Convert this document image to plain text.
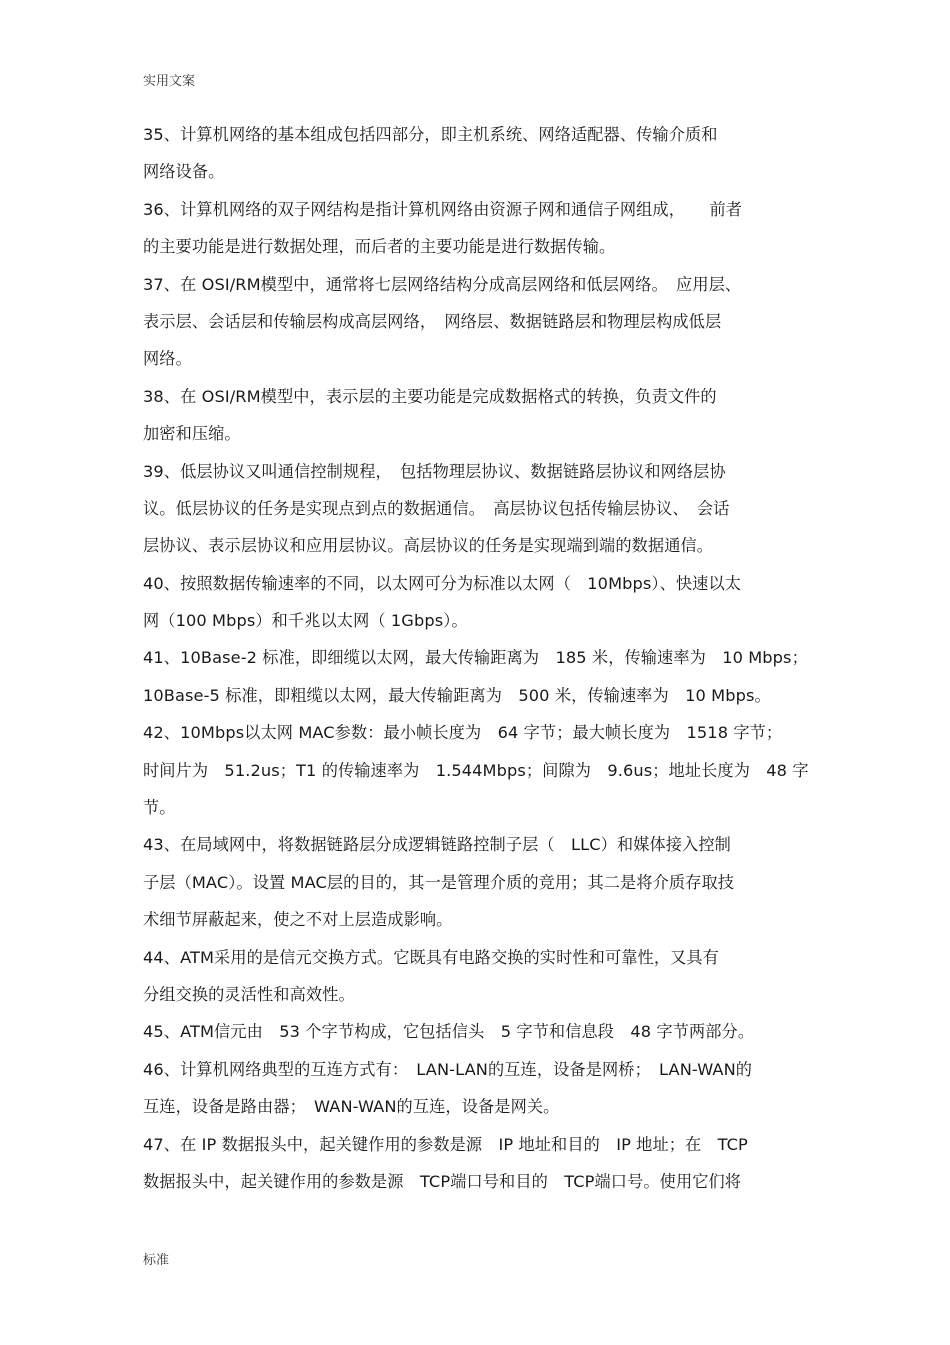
实用文案
35、计算机网络的基本组成包括四部分，即主机系统、网络适配器、传输介质和
网络设备。
36、计算机网络的双子网结构是指计算机网络由资源子网和通信子网组成，　　前者
的主要功能是进行数据处理，而后者的主要功能是进行数据传输。
37、在 OSI/RM模型中，通常将七层网络结构分成高层网络和低层网络。　应用层、
表示层、会话层和传输层构成高层网络，　网络层、数据链路层和物理层构成低层
网络。
38、在 OSI/RM模型中，表示层的主要功能是完成数据格式的转换，负责文件的
加密和压缩。
39、低层协议又叫通信控制规程，　包括物理层协议、数据链路层协议和网络层协
议。低层协议的任务是实现点到点的数据通信。　高层协议包括传输层协议、　会话
层协议、表示层协议和应用层协议。高层协议的任务是实现端到端的数据通信。
40、按照数据传输速率的不同，以太网可分为标准以太网（　10Mbps）、快速以太
网（100 Mbps）和千兆以太网（ 1Gbps）。
41、10Base-2 标准，即细缆以太网，最大传输距离为　185 米，传输速率为　10 Mbps；
10Base-5 标准，即粗缆以太网，最大传输距离为　500 米，传输速率为　10 Mbps。
42、10Mbps以太网 MAC参数：最小帧长度为　64 字节；最大帧长度为　1518 字节；
时间片为　51.2us；T1 的传输速率为　1.544Mbps；间隙为　9.6us；地址长度为　48 字
节。
43、在局域网中，将数据链路层分成逻辑链路控制子层（　LLC）和媒体接入控制
子层（MAC）。设置 MAC层的目的，其一是管理介质的竞用；其二是将介质存取技
术细节屏蔽起来，使之不对上层造成影响。
44、ATM采用的是信元交换方式。它既具有电路交换的实时性和可靠性，又具有
分组交换的灵活性和高效性。
45、ATM信元由　53 个字节构成，它包括信头　5 字节和信息段　48 字节两部分。
46、计算机网络典型的互连方式有：　LAN-LAN的互连，设备是网桥；　LAN-WAN的
互连，设备是路由器；　WAN-WAN的互连，设备是网关。
47、在 IP 数据报头中，起关键作用的参数是源　IP 地址和目的　IP 地址；在　TCP
数据报头中，起关键作用的参数是源　TCP端口号和目的　TCP端口号。使用它们将
标准
